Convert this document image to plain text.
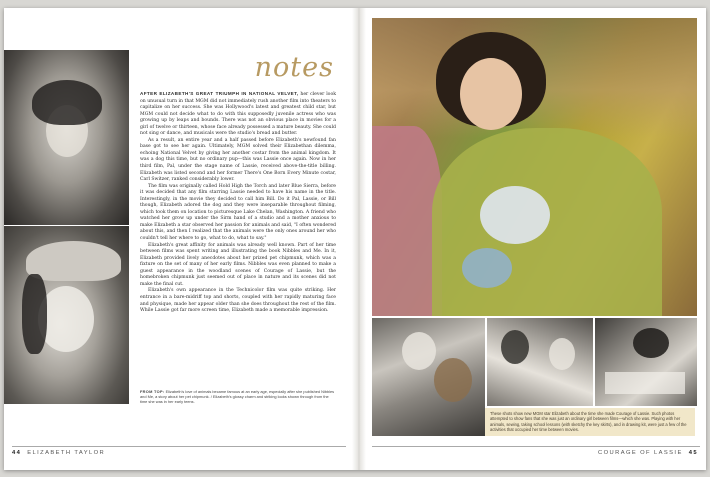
notes

AFTER ELIZABETH'S GREAT TRIUMPH IN NATIONAL VELVET, her clever look on unusual turn in that MGM did not immediately rush another film into theaters to capitalize on her success. She was Hollywood's latest and greatest child star, but MGM could not decide what to do with this supposedly juvenile actress who was growing up by leaps and bounds. There was not an obvious place in movies for a girl of twelve or thirteen, whose face already possessed a mature beauty. She could not sing or dance, and musicals were the studio's bread and butter.

As a result, an entire year and a half passed before Elizabeth's newfound fan base got to see her again. Ultimately, MGM solved their Elizabethan dilemma, echoing National Velvet by giving her another costar from the animal kingdom. It was a dog this time, but no ordinary pup—this was Lassie once again. Now in her third film, Pal, under the stage name of Lassie, received above-the-title billing. Elizabeth was listed second and her former There's One Born Every Minute costar, Carl Switzer, ranked considerably lower.

The film was originally called Hold High the Torch and later Blue Sierra, before it was decided that any film starring Lassie needed to have his name in the title. Interestingly, in the movie they decided to call him Bill. Do it Pal, Lassie, or Bill though, Elizabeth adored the dog and they were inseparable throughout filming, which took them on location to picturesque Lake Chelan, Washington. A friend who watched her grow up under the Sirm hand of a studio and a mother anxious to make Elizabeth a star observed her passion for animals and said, "I often wondered about this, and then I realized that the animals were the only ones around her who couldn't tell her where to go, what to do, what to say."

Elizabeth's great affinity for animals was already well known. Part of her time between films was spent writing and illustrating the book Nibbles and Me. In it, Elizabeth provided lively anecdotes about her prized pet chipmunk, which was a fixture on the set of many of her early films. Nibbles was even planned to make a guest appearance in the woodland scenes of Courage of Lassie, but the homebroken chipmunk just seemed out of place in nature and its scenes did not make the final cut.

Elizabeth's own appearance in the Technicolor film was quite striking. Her entrance in a bare-midriff top and shorts, coupled with her rapidly maturing face and physique, made her appear older than she does throughout the rest of the film. While Lassie got far more screen time, Elizabeth made a memorable impression.

FROM TOP: Elizabeth's love of animals became famous at an early age, especially after she published Nibbles and Me, a story about her pet chipmunk. / Elizabeth's glossy charm and striking looks shown through from the time she was in her early teens.
44 ELIZABETH TAYLOR
These shots show new MGM star Elizabeth about the time she made Courage of Lassie. Such photos attempted to show fans that she was just an ordinary girl between films—which she was. Playing with her animals, sewing, taking school lessons (with sketchy the key skirts), and in drawing kit, were just a few of the activities that occupied her time between movies.
COURAGE OF LASSIE 45
